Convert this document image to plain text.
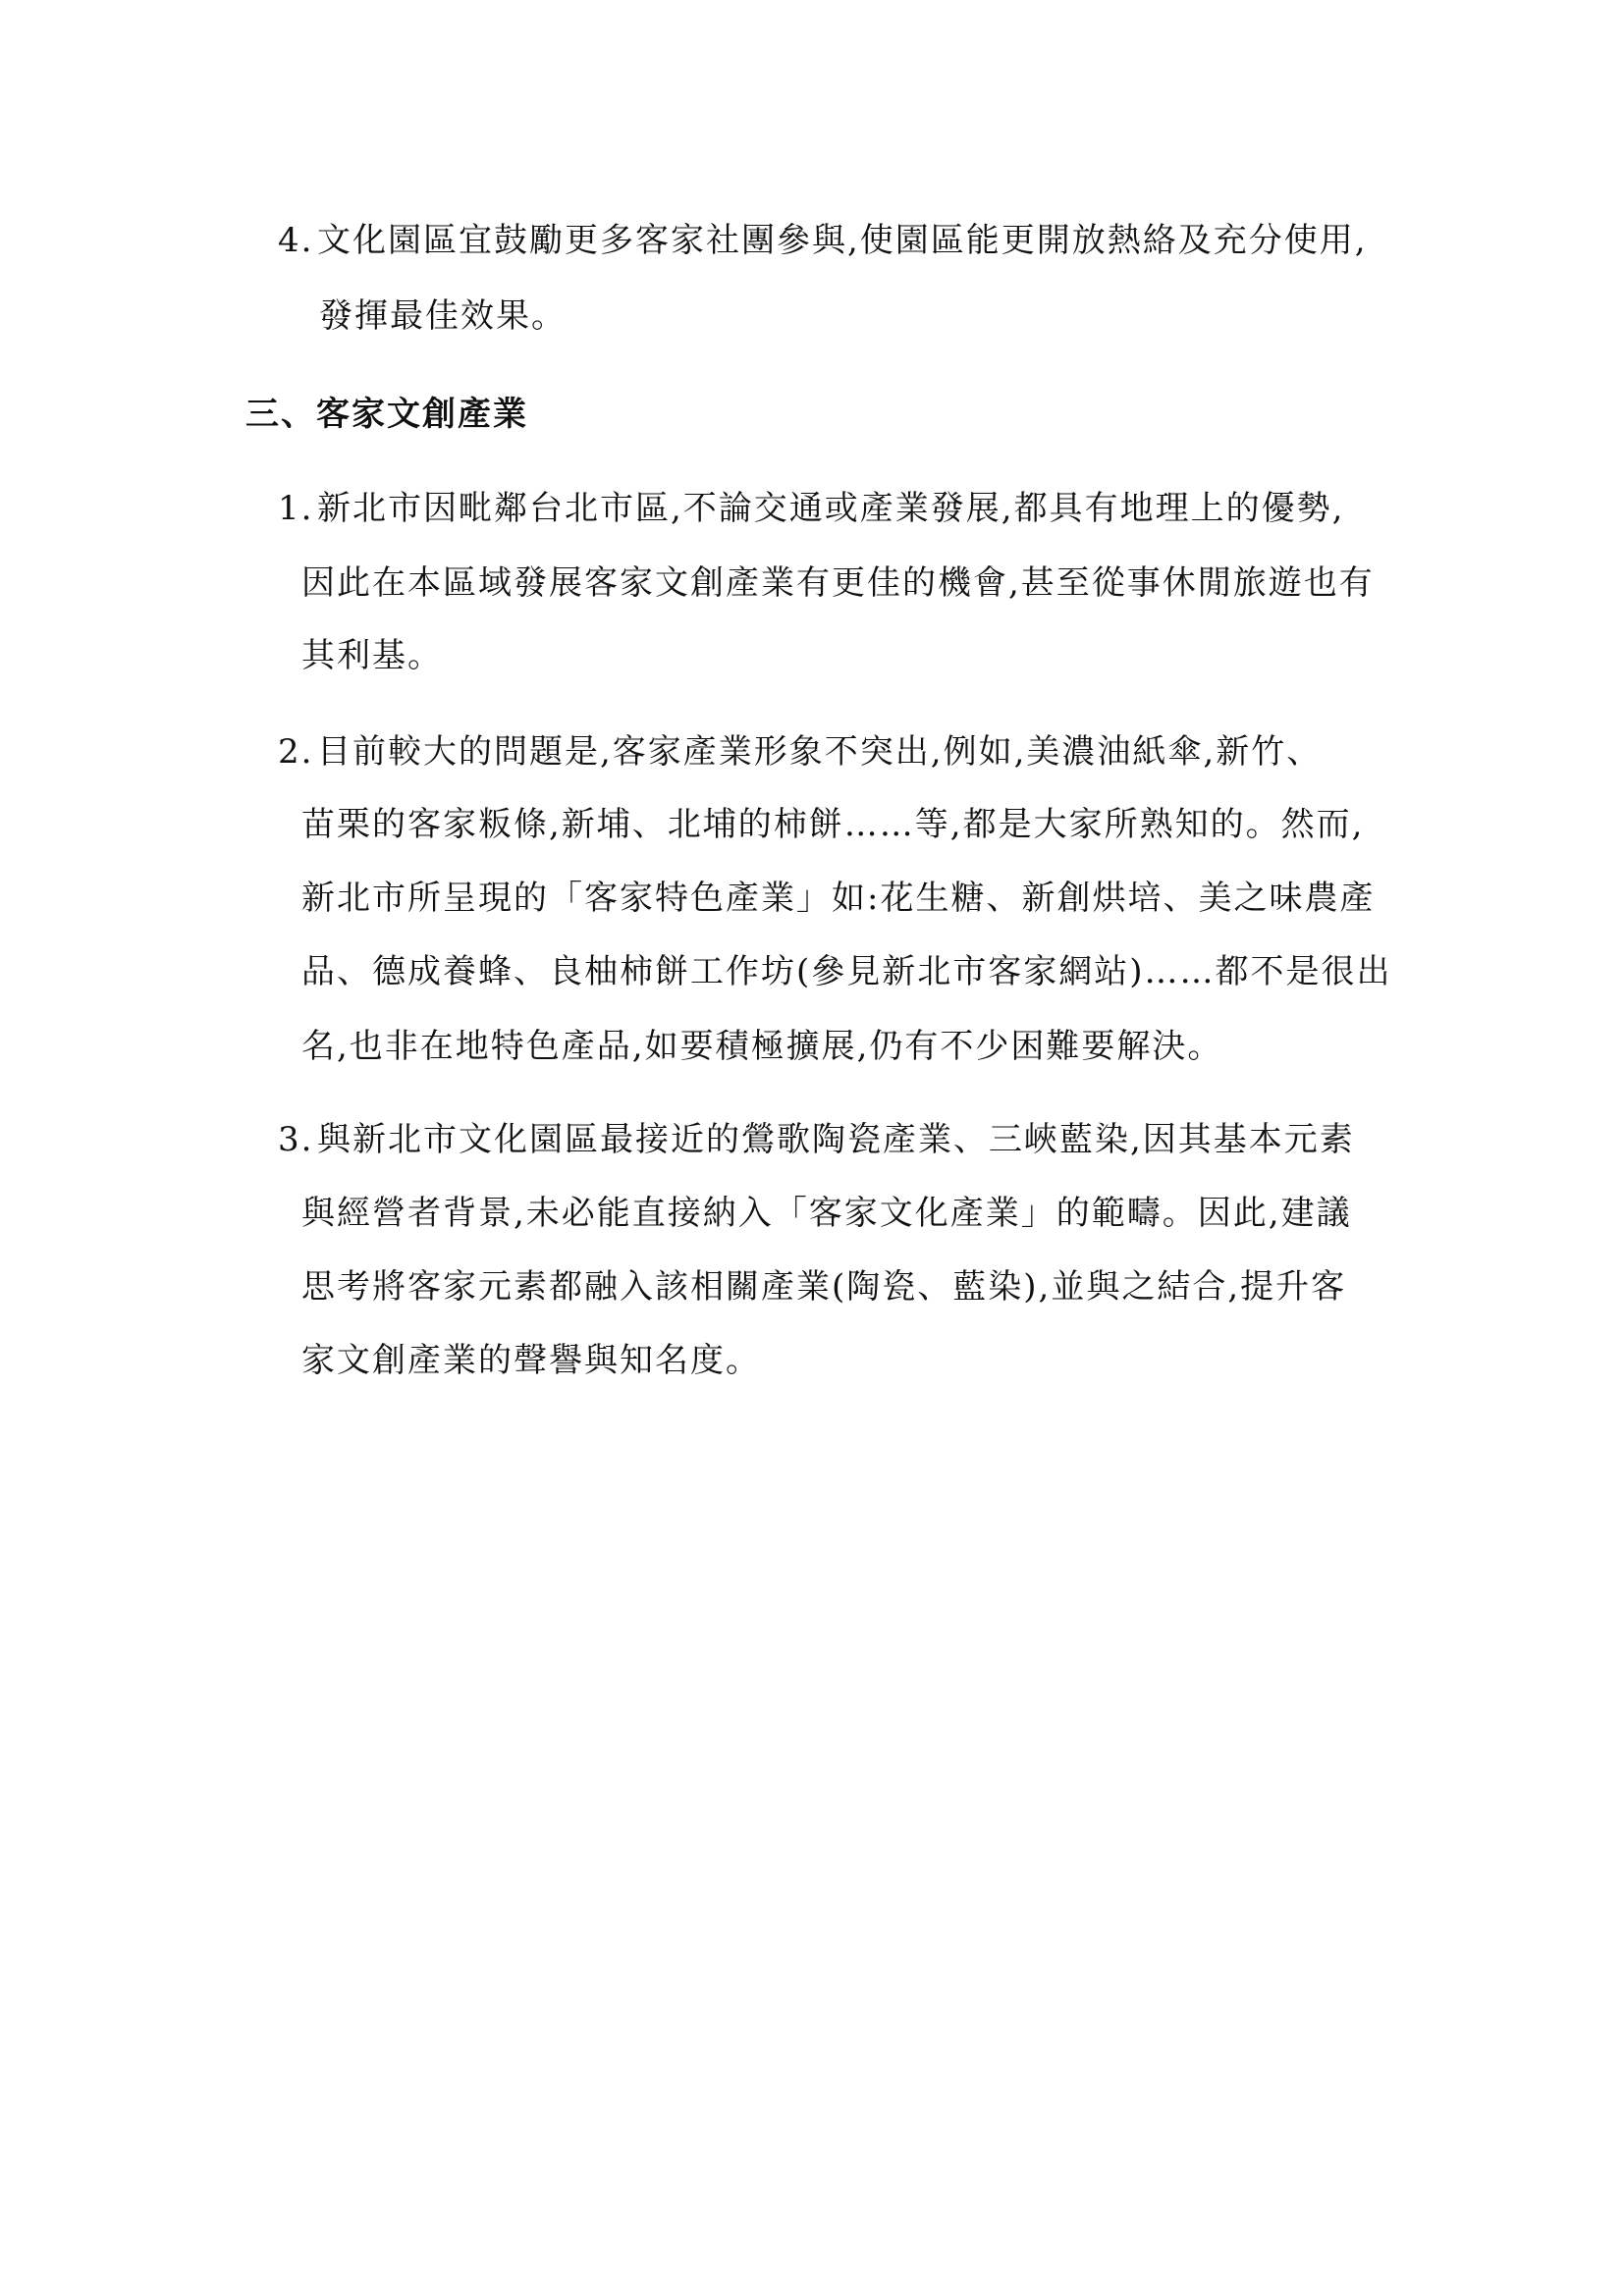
4. 文化園區宜鼓勵更多客家社團參與,使園區能更開放熱絡及充分使用,
發揮最佳效果。
三、客家文創產業
1. 新北市因毗鄰台北市區,不論交通或產業發展,都具有地理上的優勢,
因此在本區域發展客家文創產業有更佳的機會,甚至從事休閒旅遊也有
其利基。
2. 目前較大的問題是,客家產業形象不突出,例如,美濃油紙傘,新竹、
苗栗的客家粄條,新埔、北埔的柿餅……等,都是大家所熟知的。然而,
新北市所呈現的「客家特色產業」如:花生糖、新創烘培、美之味農產
品、德成養蜂、良柚柿餅工作坊(參見新北市客家網站)……都不是很出
名,也非在地特色產品,如要積極擴展,仍有不少困難要解決。
3. 與新北市文化園區最接近的鶯歌陶瓷產業、三峽藍染,因其基本元素
與經營者背景,未必能直接納入「客家文化產業」的範疇。因此,建議
思考將客家元素都融入該相關產業(陶瓷、藍染),並與之結合,提升客
家文創產業的聲譽與知名度。
